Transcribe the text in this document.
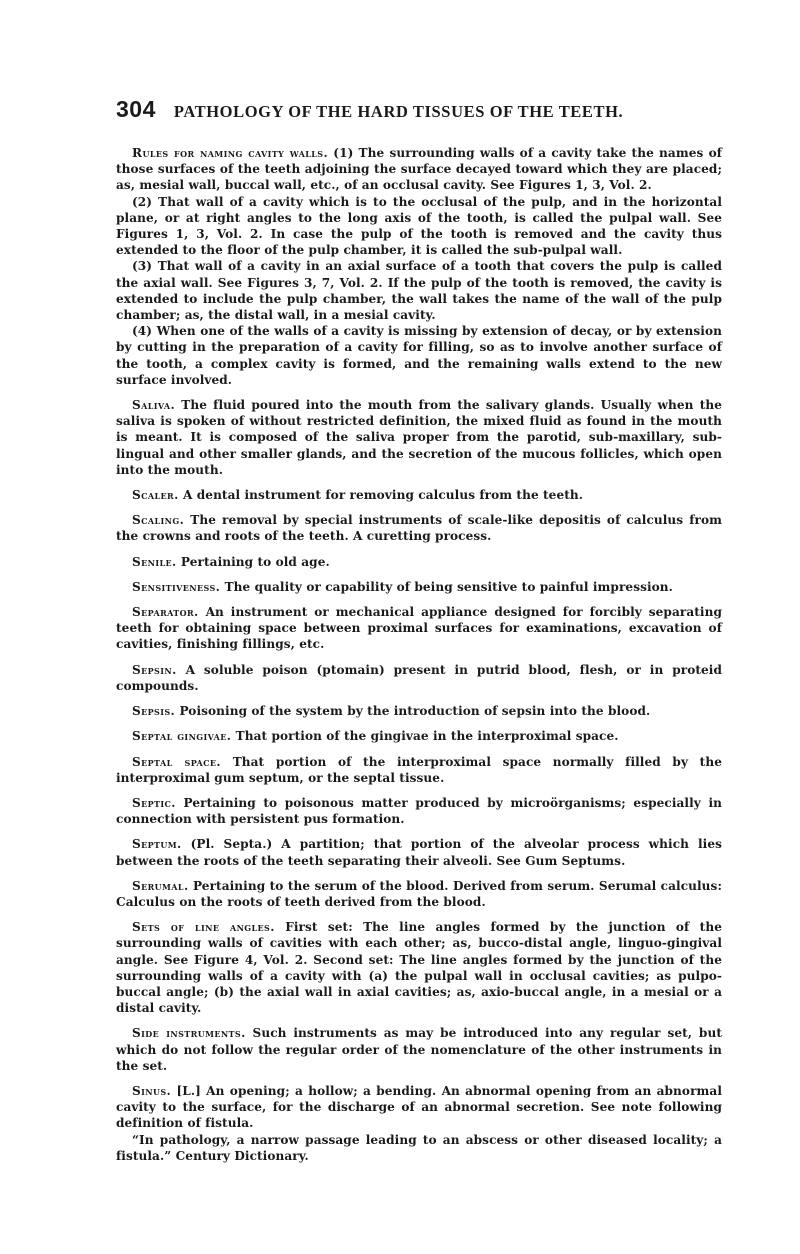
304 PATHOLOGY OF THE HARD TISSUES OF THE TEETH.

Rules for naming cavity walls. (1) The surrounding walls of a cavity take the names of those surfaces of the teeth adjoining the surface decayed toward which they are placed; as, mesial wall, buccal wall, etc., of an occlusal cavity. See Figures 1, 3, Vol. 2.

(2) That wall of a cavity which is to the occlusal of the pulp, and in the horizontal plane, or at right angles to the long axis of the tooth, is called the pulpal wall. See Figures 1, 3, Vol. 2. In case the pulp of the tooth is removed and the cavity thus extended to the floor of the pulp chamber, it is called the sub-pulpal wall.

(3) That wall of a cavity in an axial surface of a tooth that covers the pulp is called the axial wall. See Figures 3, 7, Vol. 2. If the pulp of the tooth is removed, the cavity is extended to include the pulp chamber, the wall takes the name of the wall of the pulp chamber; as, the distal wall, in a mesial cavity.

(4) When one of the walls of a cavity is missing by extension of decay, or by extension by cutting in the preparation of a cavity for filling, so as to involve another surface of the tooth, a complex cavity is formed, and the remaining walls extend to the new surface involved.

Saliva. The fluid poured into the mouth from the salivary glands. Usually when the saliva is spoken of without restricted definition, the mixed fluid as found in the mouth is meant. It is composed of the saliva proper from the parotid, sub-maxillary, sub-lingual and other smaller glands, and the secretion of the mucous follicles, which open into the mouth.

Scaler. A dental instrument for removing calculus from the teeth.

Scaling. The removal by special instruments of scale-like depositis of calculus from the crowns and roots of the teeth. A curetting process.

Senile. Pertaining to old age.

Sensitiveness. The quality or capability of being sensitive to painful impression.

Separator. An instrument or mechanical appliance designed for forcibly separating teeth for obtaining space between proximal surfaces for examinations, excavation of cavities, finishing fillings, etc.

Sepsin. A soluble poison (ptomain) present in putrid blood, flesh, or in proteid compounds.

Sepsis. Poisoning of the system by the introduction of sepsin into the blood.

Septal gingivae. That portion of the gingivae in the interproximal space.

Septal space. That portion of the interproximal space normally filled by the interproximal gum septum, or the septal tissue.

Septic. Pertaining to poisonous matter produced by microörganisms; especially in connection with persistent pus formation.

Septum. (Pl. Septa.) A partition; that portion of the alveolar process which lies between the roots of the teeth separating their alveoli. See Gum Septums.

Serumal. Pertaining to the serum of the blood. Derived from serum. Serumal calculus: Calculus on the roots of teeth derived from the blood.

Sets of line angles. First set: The line angles formed by the junction of the surrounding walls of cavities with each other; as, bucco-distal angle, linguo-gingival angle. See Figure 4, Vol. 2. Second set: The line angles formed by the junction of the surrounding walls of a cavity with (a) the pulpal wall in occlusal cavities; as pulpo-buccal angle; (b) the axial wall in axial cavities; as, axio-buccal angle, in a mesial or a distal cavity.

Side instruments. Such instruments as may be introduced into any regular set, but which do not follow the regular order of the nomenclature of the other instruments in the set.

Sinus. [L.] An opening; a hollow; a bending. An abnormal opening from an abnormal cavity to the surface, for the discharge of an abnormal secretion. See note following definition of fistula.

“In pathology, a narrow passage leading to an abscess or other diseased locality; a fistula.” Century Dictionary.
